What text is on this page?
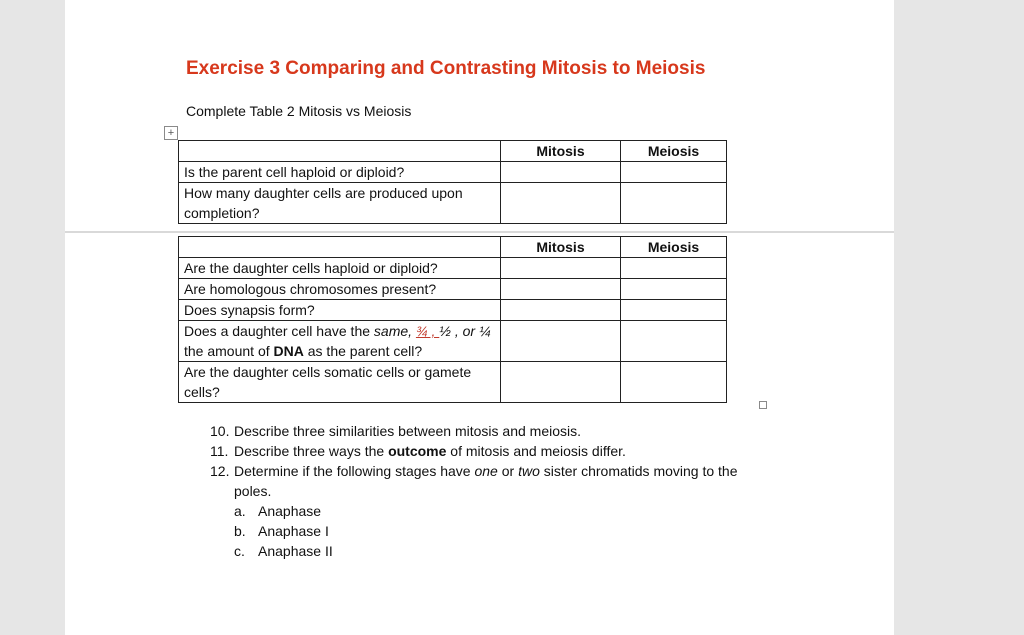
Exercise 3 Comparing and Contrasting Mitosis to Meiosis
Complete Table 2 Mitosis vs Meiosis
+
	Mitosis	Meiosis
Is the parent cell haploid or diploid?		
How many daughter cells are produced upon completion?		
	Mitosis	Meiosis
Are the daughter cells haploid or diploid?		
Are homologous chromosomes present?		
Does synapsis form?		
Does a daughter cell have the same, ¾ , ½ , or ¼ the amount of DNA as the parent cell?		
Are the daughter cells somatic cells or gamete cells?		
10. Describe three similarities between mitosis and meiosis.
11. Describe three ways the outcome of mitosis and meiosis differ.
12. Determine if the following stages have one or two sister chromatids moving to the poles.
a. Anaphase
b. Anaphase I
c. Anaphase II
